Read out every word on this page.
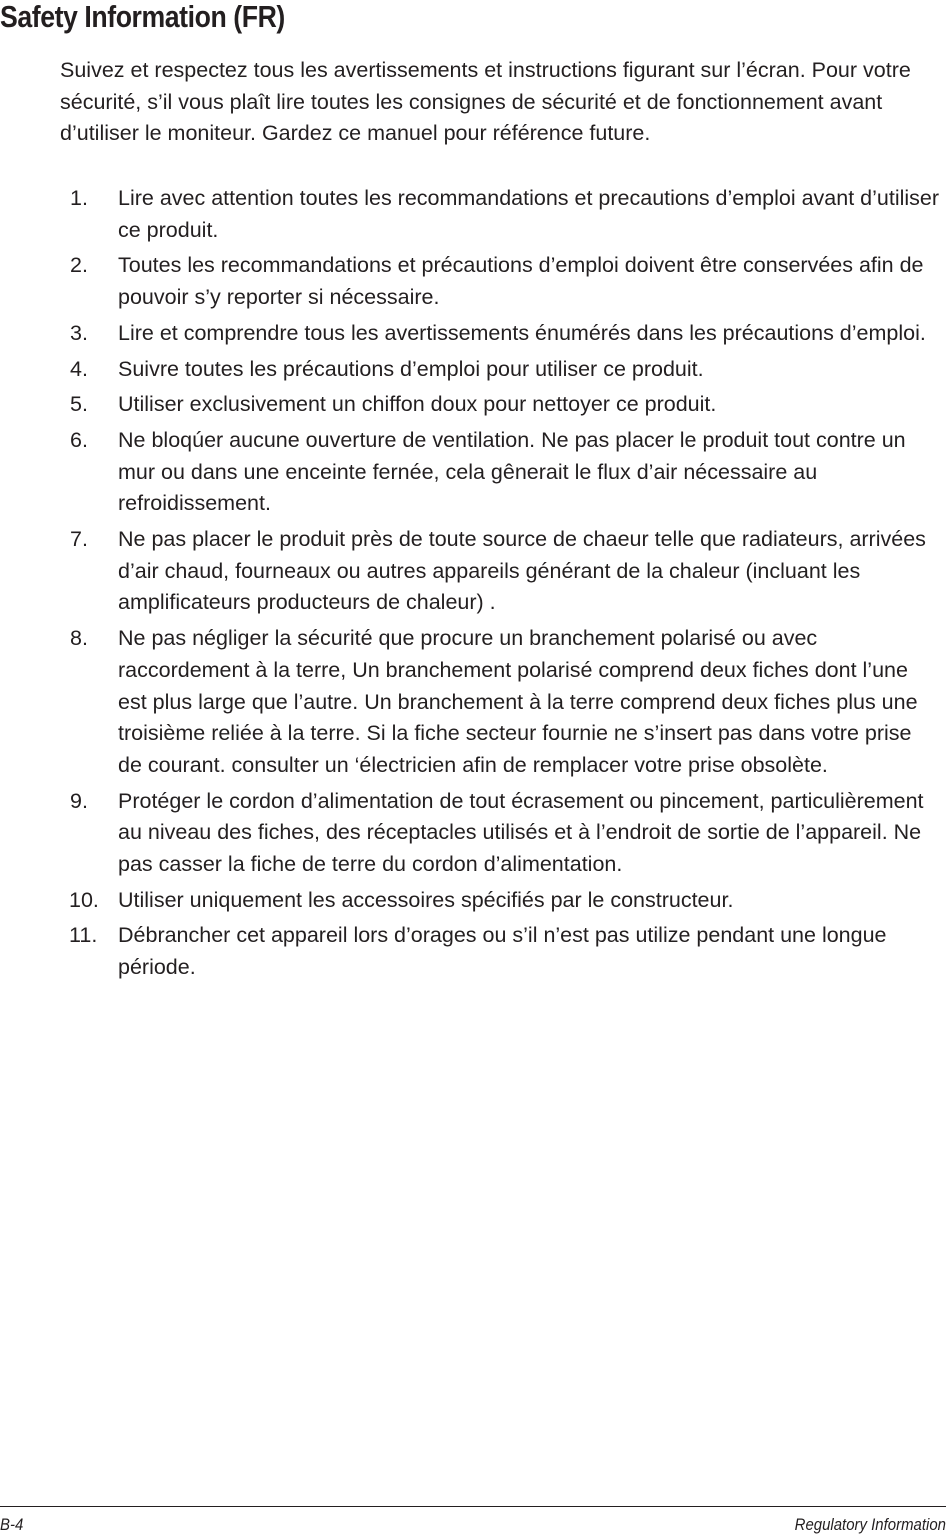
Safety Information (FR)

Suivez et respectez tous les avertissements et instructions figurant sur l’écran. Pour votre sécurité, s’il vous plaît lire toutes les consignes de sécurité et de fonctionnement avant d’utiliser le moniteur. Gardez ce manuel pour référence future.

1.	Lire avec attention toutes les recommandations et precautions d’emploi avant d’utiliser ce produit.
2.	Toutes les recommandations et précautions d’emploi doivent être conservées afin de pouvoir s’y reporter si nécessaire.
3.	Lire et comprendre tous les avertissements énumérés dans les précautions d’emploi.
4.	Suivre toutes les précautions d’emploi pour utiliser ce produit.
5.	Utiliser exclusivement un chiffon doux pour nettoyer ce produit.
6.	Ne bloqúer aucune ouverture de ventilation. Ne pas placer le produit tout contre un mur ou dans une enceinte fernée, cela gênerait le flux d’air nécessaire au refroidissement.
7.	Ne pas placer le produit près de toute source de chaeur telle que radiateurs, arrivées d’air chaud, fourneaux ou autres appareils générant de la chaleur (incluant les amplificateurs producteurs de chaleur) .
8.	Ne pas négliger la sécurité que procure un branchement polarisé ou avec raccordement à la terre, Un branchement polarisé comprend deux fiches dont l’une est plus large que l’autre. Un branchement à la terre comprend deux fiches plus une troisième reliée à la terre. Si la fiche secteur fournie ne s’insert pas dans votre prise de courant. consulter un ‘électricien afin de remplacer votre prise obsolète.
9.	Protéger le cordon d’alimentation de tout écrasement ou pincement, particulièrement au niveau des fiches, des réceptacles utilisés et à l’endroit de sortie de l’appareil. Ne pas casser la fiche de terre du cordon d’alimentation.
10. Utiliser uniquement les accessoires spécifiés par le constructeur.
11. Débrancher cet appareil lors d’orages ou s’il n’est pas utilize pendant une longue période.
B-4	Regulatory Information
